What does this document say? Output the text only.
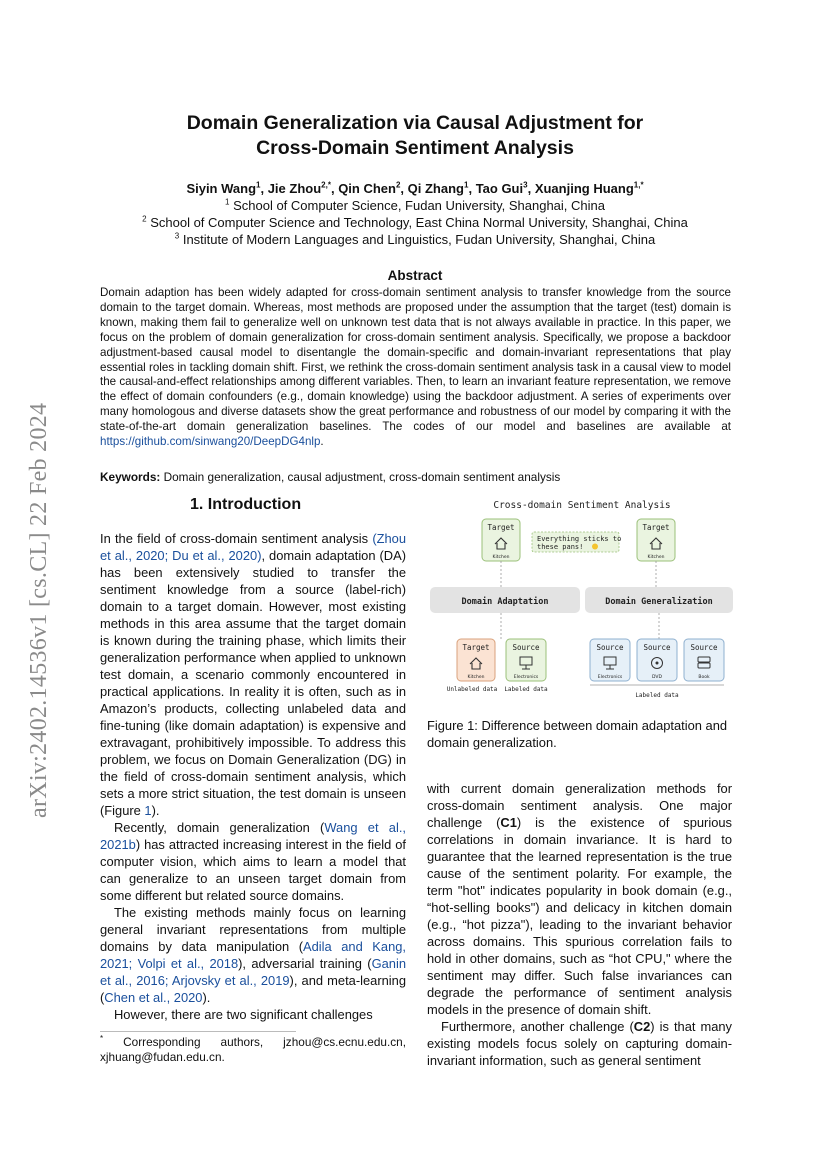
arXiv:2402.14536v1 [cs.CL] 22 Feb 2024
Domain Generalization via Causal Adjustment for
Cross-Domain Sentiment Analysis
Siyin Wang$^1$, Jie Zhou$^{2,*}$, Qin Chen$^2$, Qi Zhang$^1$, Tao Gui$^3$, Xuanjing Huang$^{1,*}$
$^1$ School of Computer Science, Fudan University, Shanghai, China
$^2$ School of Computer Science and Technology, East China Normal University, Shanghai, China
$^3$ Institute of Modern Languages and Linguistics, Fudan University, Shanghai, China
Abstract
Domain adaption has been widely adapted for cross-domain sentiment analysis to transfer knowledge from the source domain to the target domain. Whereas, most methods are proposed under the assumption that the target (test) domain is known, making them fail to generalize well on unknown test data that is not always available in practice. In this paper, we focus on the problem of domain generalization for cross-domain sentiment analysis. Specifically, we propose a backdoor adjustment-based causal model to disentangle the domain-specific and domain-invariant representations that play essential roles in tackling domain shift. First, we rethink the cross-domain sentiment analysis task in a causal view to model the causal-and-effect relationships among different variables. Then, to learn an invariant feature representation, we remove the effect of domain confounders (e.g., domain knowledge) using the backdoor adjustment. A series of experiments over many homologous and diverse datasets show the great performance and robustness of our model by comparing it with the state-of-the-art domain generalization baselines. The codes of our model and baselines are available at https://github.com/sinwang20/DeepDG4nlp.
Keywords: Domain generalization, causal adjustment, cross-domain sentiment analysis
1. Introduction

In the field of cross-domain sentiment analysis (Zhou et al., 2020; Du et al., 2020), domain adaptation (DA) has been extensively studied to transfer the sentiment knowledge from a source (label-rich) domain to a target domain. However, most existing methods in this area assume that the target domain is known during the training phase, which limits their generalization performance when applied to unknown test domain, a scenario commonly encountered in practical applications. In reality it is often, such as in Amazon’s products, collecting unlabeled data and fine-tuning (like domain adaptation) is expensive and extravagant, prohibitively impossible. To address this problem, we focus on Domain Generalization (DG) in the field of cross-domain sentiment analysis, which sets a more strict situation, the test domain is unseen (Figure 1).

Recently, domain generalization (Wang et al., 2021b) has attracted increasing interest in the field of computer vision, which aims to learn a model that can generalize to an unseen target domain from some different but related source domains.

The existing methods mainly focus on learning general invariant representations from multiple domains by data manipulation (Adila and Kang, 2021; Volpi et al., 2018), adversarial training (Ganin et al., 2016; Arjovsky et al., 2019), and meta-learning (Chen et al., 2020).

However, there are two significant challenges

* Corresponding authors, jzhou@cs.ecnu.edu.cn, xjhuang@fudan.edu.cn.
Cross-domain Sentiment Analysis
Target
Kitchen
Everything sticks to
these pans!
Target
Kitchen
Domain Adaptation	Domain Generalization
Target
Kitchen
Source
Electronics
Unlabeled data Labeled data
Source
Electronics
Source
DVD
Source
Book
Labeled data
Figure 1: Difference between domain adaptation and domain generalization.

with current domain generalization methods for cross-domain sentiment analysis. One major challenge (C1) is the existence of spurious correlations in domain invariance. It is hard to guarantee that the learned representation is the true cause of the sentiment polarity. For example, the term "hot" indicates popularity in book domain (e.g., “hot-selling books") and delicacy in kitchen domain (e.g., “hot pizza"), leading to the invariant behavior across domains. This spurious correlation fails to hold in other domains, such as “hot CPU," where the sentiment may differ. Such false invariances can degrade the performance of sentiment analysis models in the presence of domain shift.

Furthermore, another challenge (C2) is that many existing models focus solely on capturing domain-invariant information, such as general sentiment
